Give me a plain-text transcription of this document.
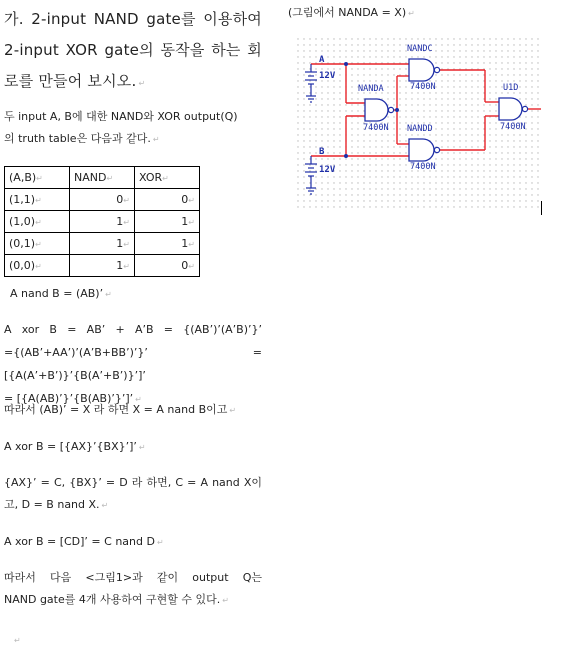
가. 2-input NAND gate를 이용하여
2-input XOR gate의 동작을 하는 회
로를 만들어 보시오. ↵
(그림에서 NANDA = X) ↵
두 input A, B에 대한 NAND와 XOR output(Q)
의 truth table은 다음과 같다. ↵
(A,B)↵	NAND↵	XOR↵
(1,1)↵	0↵	0↵
(1,0)↵	1↵	1↵
(0,1)↵	1↵	1↵
(0,0)↵	1↵	0↵
A nand B = (AB)’ ↵
A xor B = AB’ + A’B = {(AB’)’(A’B)’}’
={(AB’+AA’)’(A’B+BB’)’}’ = [{A(A’+B’)}’{B(A’+B’)}’]’
= [{A(AB)’}’{B(AB)’}’]’ ↵
따라서 (AB)’ = X 라 하면 X = A nand B이고 ↵
A xor B = [{AX}’{BX}’]’ ↵
{AX}’ = C, {BX}’ = D 라 하면, C = A nand X이
고, D = B nand X. ↵
A xor B = [CD]’ = C nand D ↵
따라서 다음 <그림1>과 같이 output Q는
NAND gate를 4개 사용하여 구현할 수 있다. ↵
↵
A
12V
B
12V
NANDC
7400N
NANDA
7400N NANDD
7400N
U1D
7400N
